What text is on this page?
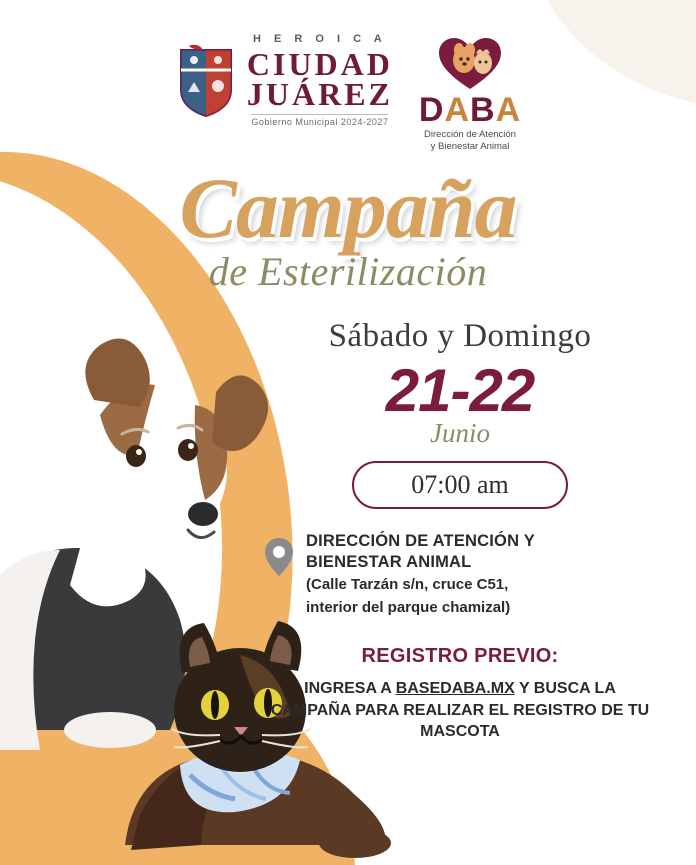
H E R O I C A
CIUDAD
JUÁREZ
Gobierno Municipal 2024-2027 DABA
Dirección de Atención
y Bienestar Animal
Campaña
de Esterilización
Sábado y Domingo
21-22
Junio
07:00 am
DIRECCIÓN DE ATENCIÓN Y
BIENESTAR ANIMAL
(Calle Tarzán s/n, cruce C51,
interior del parque chamizal)
REGISTRO PREVIO:
INGRESA A BASEDABA.MX Y BUSCA LA CAMPAÑA PARA REALIZAR EL REGISTRO DE TU MASCOTA
